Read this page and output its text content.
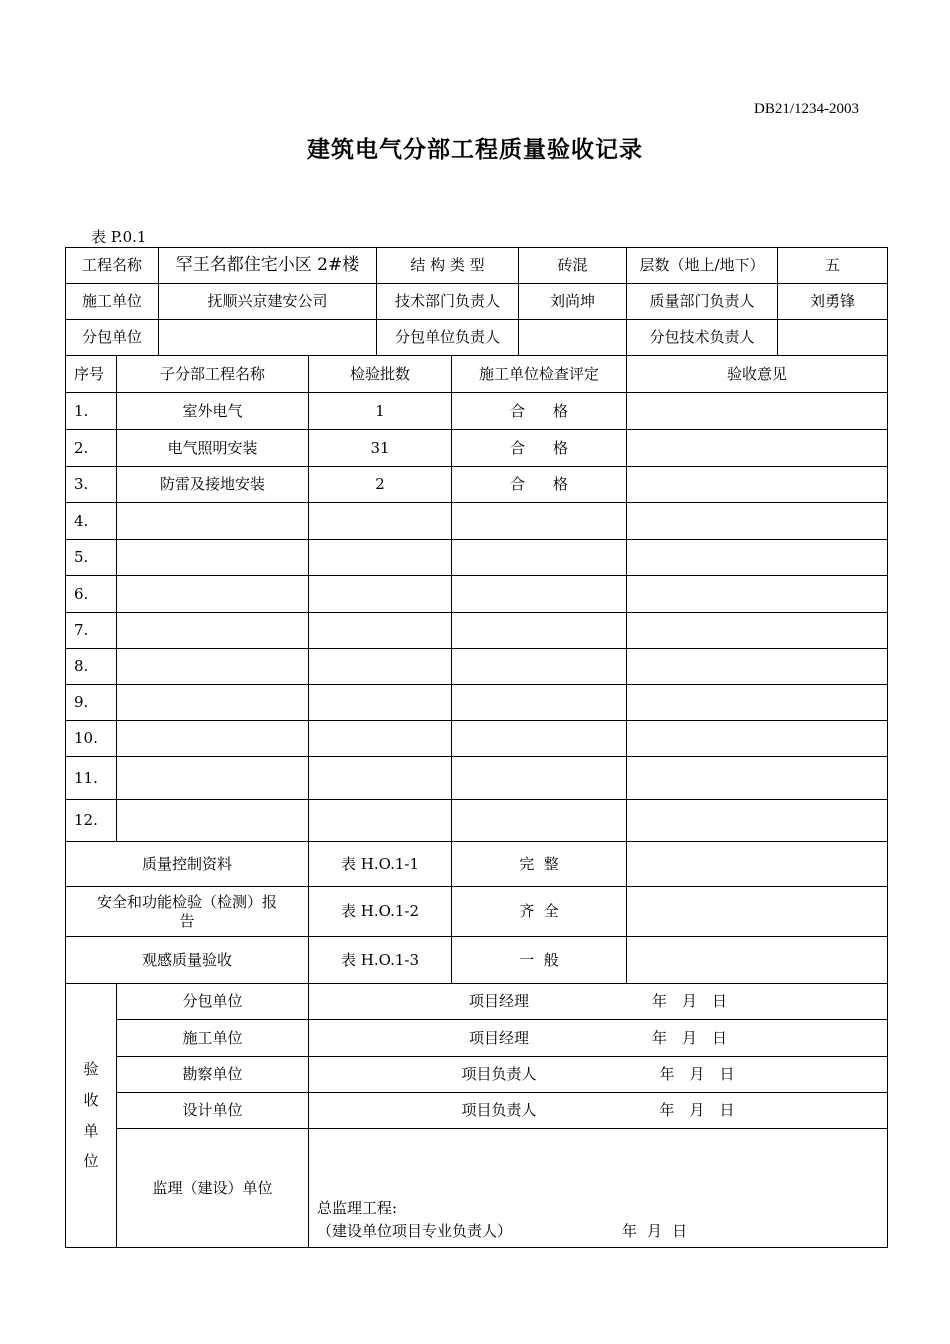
DB21/1234-2003
建筑电气分部工程质量验收记录
表 P.0.1
工程名称		罕王名都住宅小区 2#楼		结 构 类 型		砖混	层数（地上/地下）	五
施工单位		抚顺兴京建安公司		技术部门负责人		刘尚坤	质量部门负责人	刘勇锋
分包单位				分包单位负责人			分包技术负责人	
序号	子分部工程名称		检验批数		施工单位检查评定		验收意见	
1.	室外电气		1		合 格			
2.	电气照明安装		31		合 格			
3.	防雷及接地安装		2		合 格			
4.								
5.								
6.								
7.								
8.								
9.								
10.								
11.								
12.								
质量控制资料			表 H.O.1-1		完  整			
安全和功能检验（检测）报告			表 H.O.1-2		齐  全			
观感质量验收			表 H.O.1-3		一  般			

验
收
单
位	分包单位		项目经理 年 月 日					
	施工单位		项目经理 年 月 日					
	勘察单位		项目负责人 年 月 日					
	设计单位		项目负责人 年 月 日					
	监理（建设）单位		总监理工程:
（建设单位项目专业负责人） 年 月 日					
